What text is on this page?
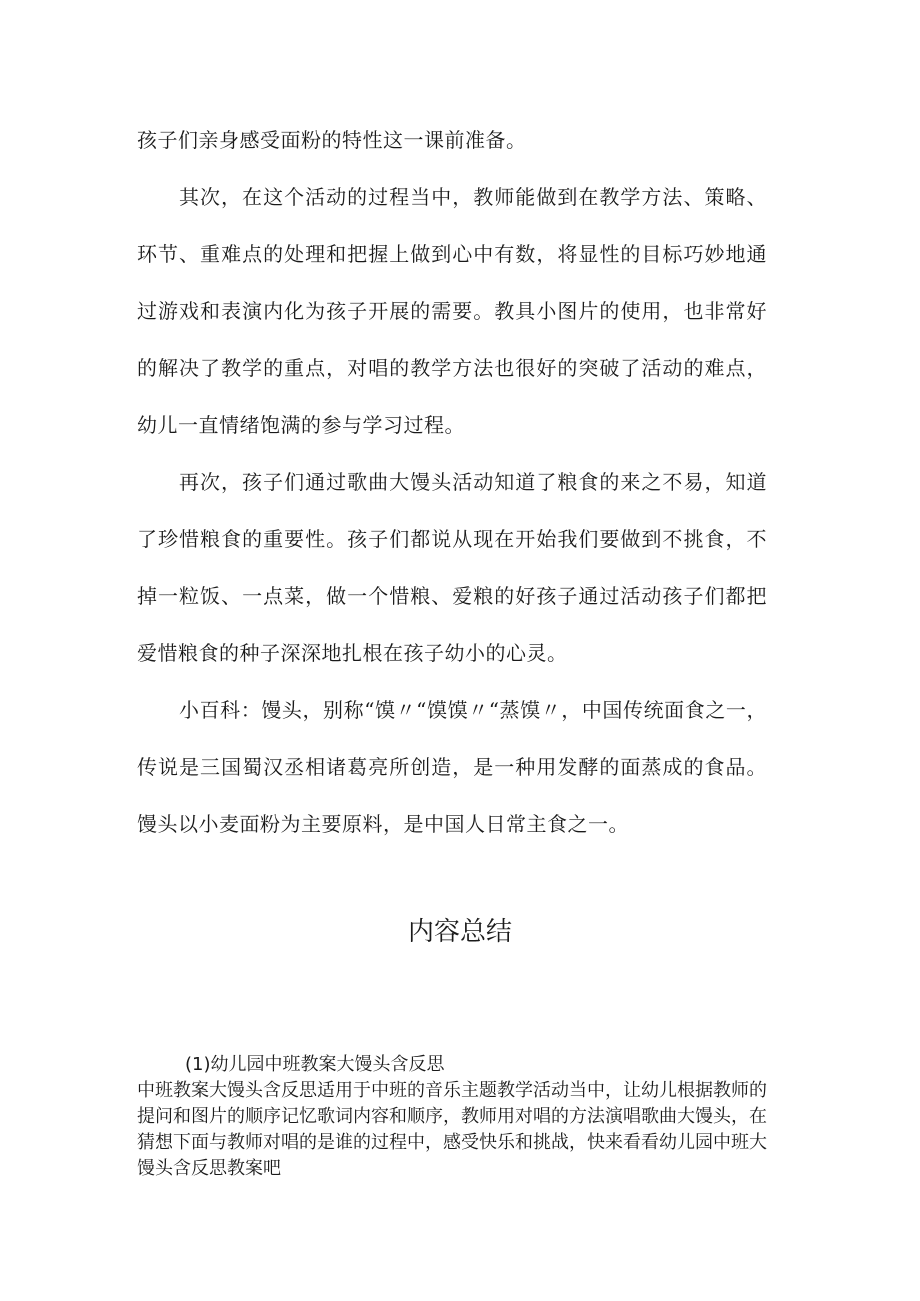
孩子们亲身感受面粉的特性这一课前准备。

其次，在这个活动的过程当中，教师能做到在教学方法、策略、环节、重难点的处理和把握上做到心中有数，将显性的目标巧妙地通过游戏和表演内化为孩子开展的需要。教具小图片的使用，也非常好的解决了教学的重点，对唱的教学方法也很好的突破了活动的难点，幼儿一直情绪饱满的参与学习过程。

再次，孩子们通过歌曲大馒头活动知道了粮食的来之不易，知道了珍惜粮食的重要性。孩子们都说从现在开始我们要做到不挑食，不掉一粒饭、一点菜，做一个惜粮、爱粮的好孩子通过活动孩子们都把爱惜粮食的种子深深地扎根在孩子幼小的心灵。

小百科：馒头，别称“馍〃“馍馍〃“蒸馍〃，中国传统面食之一，传说是三国蜀汉丞相诸葛亮所创造，是一种用发酵的面蒸成的食品。馒头以小麦面粉为主要原料，是中国人日常主食之一。

内容总结
(1)幼儿园中班教案大馒头含反思
中班教案大馒头含反思适用于中班的音乐主题教学活动当中，让幼儿根据教师的提问和图片的顺序记忆歌词内容和顺序，教师用对唱的方法演唱歌曲大馒头，在猜想下面与教师对唱的是谁的过程中，感受快乐和挑战，快来看看幼儿园中班大馒头含反思教案吧
